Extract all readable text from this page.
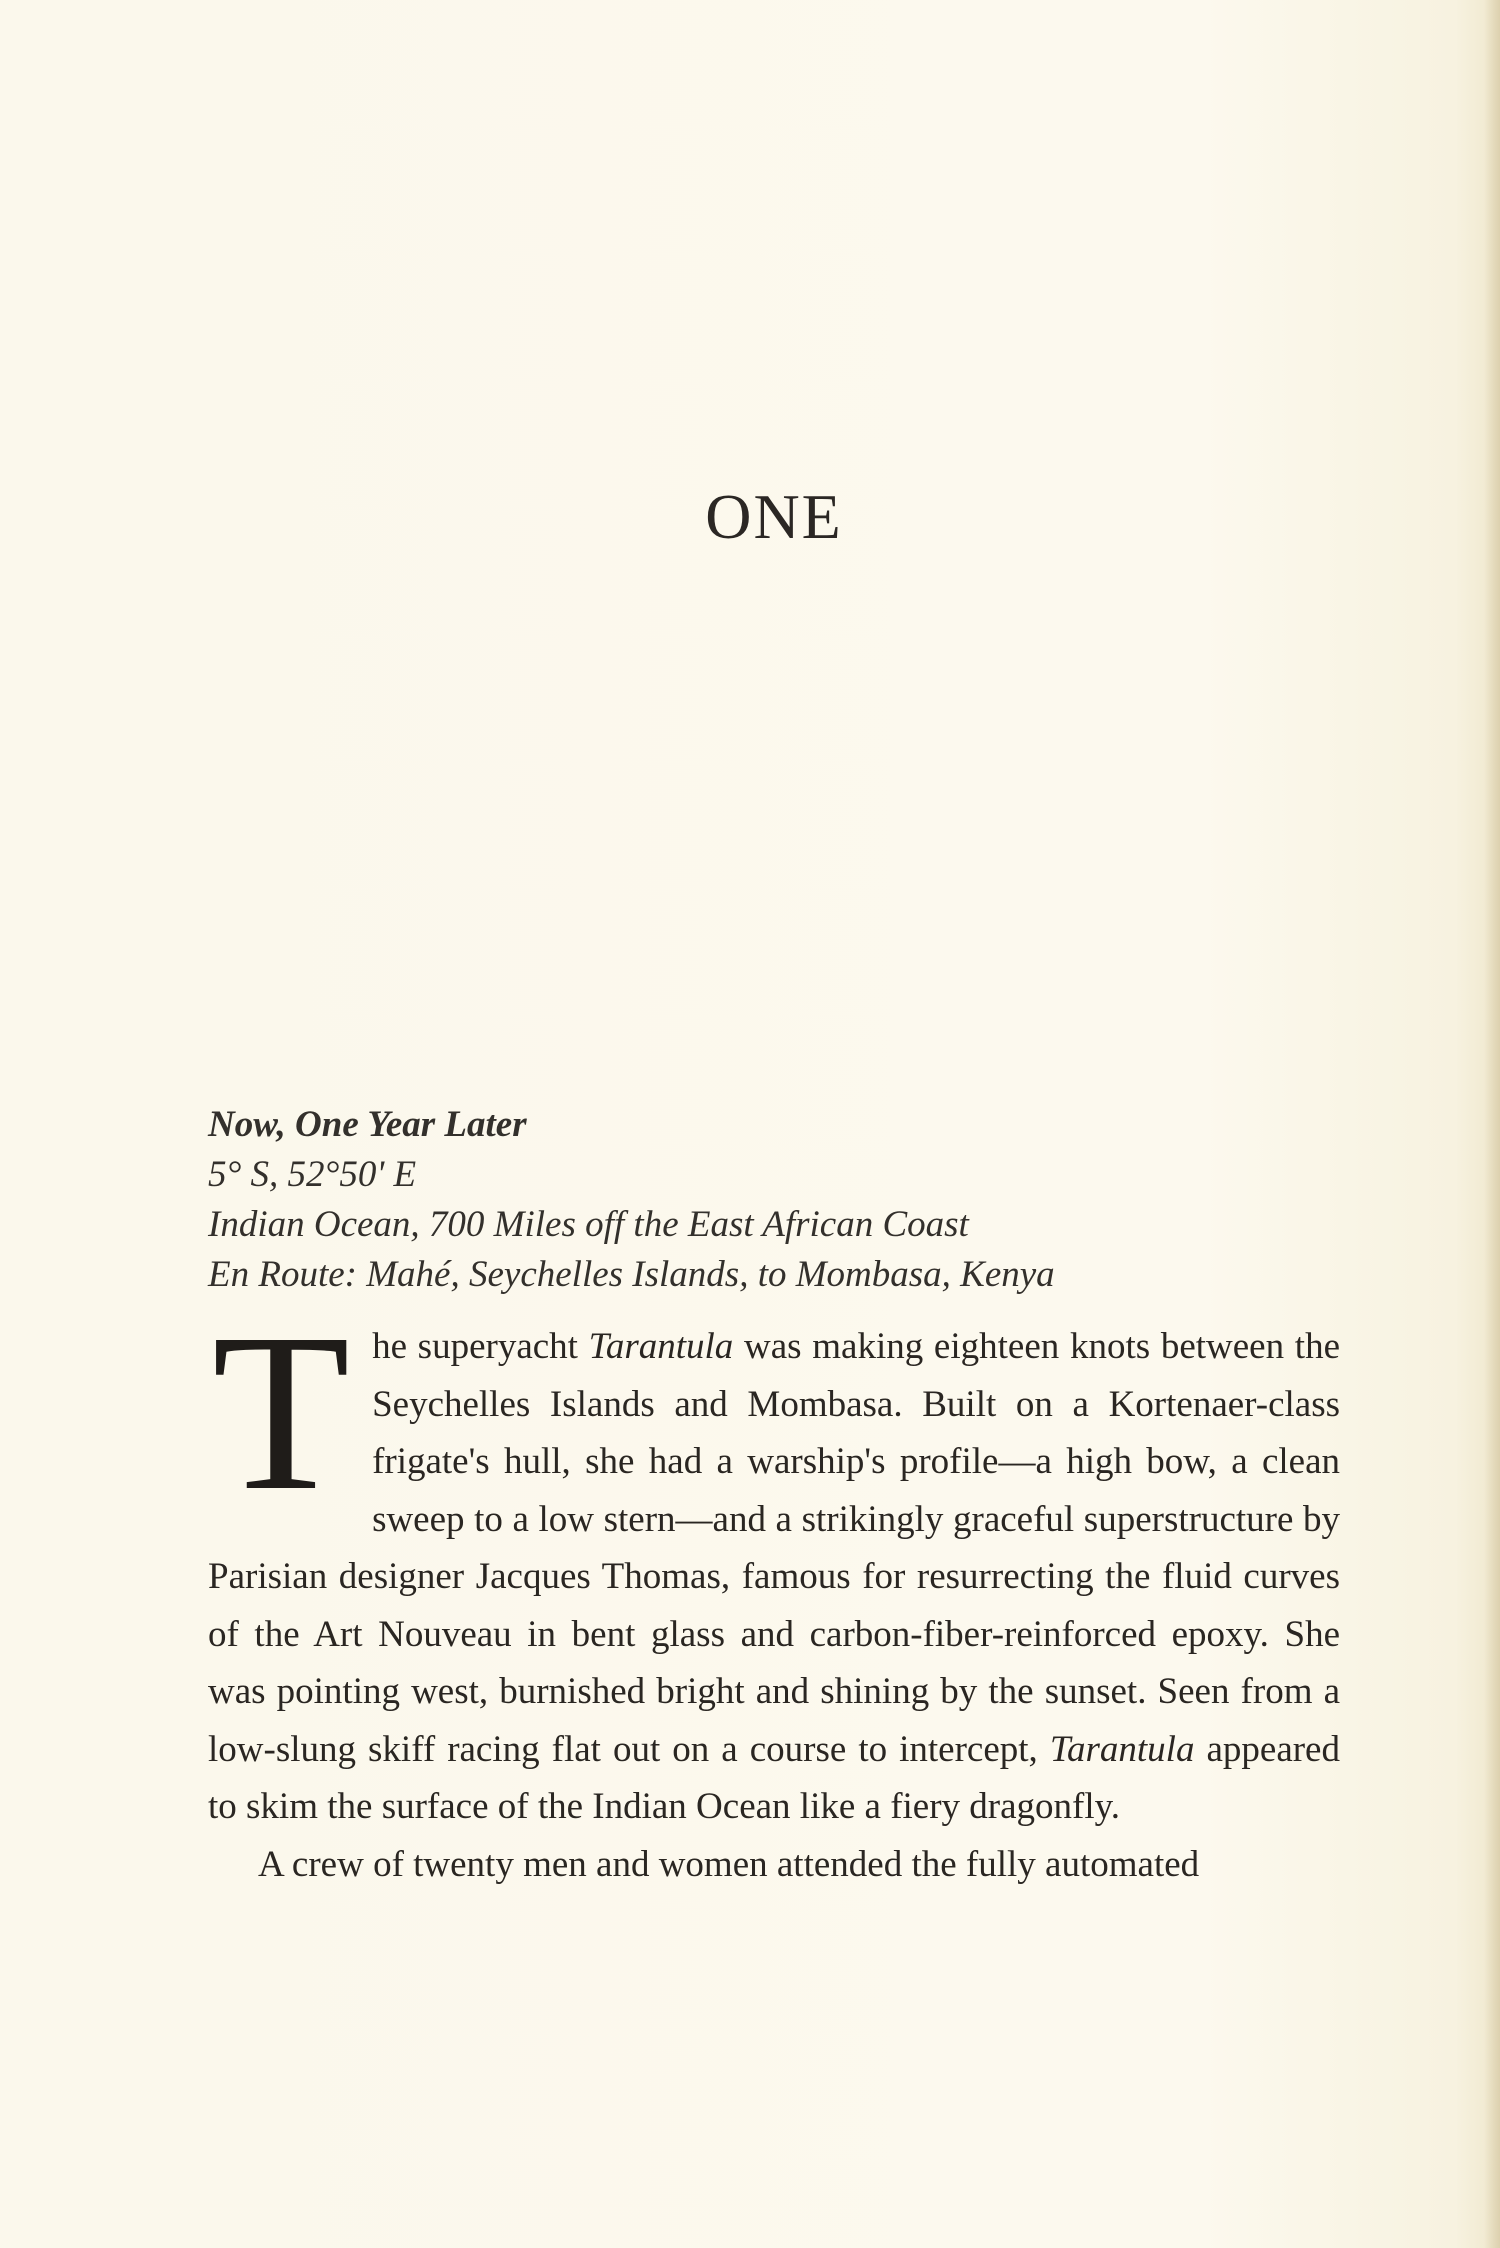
ONE
Now, One Year Later
5° S, 52°50' E
Indian Ocean, 700 Miles off the East African Coast
En Route: Mahé, Seychelles Islands, to Mombasa, Kenya

The superyacht Tarantula was making eighteen knots between the Seychelles Islands and Mombasa. Built on a Kortenaer-class frigate's hull, she had a warship's profile—a high bow, a clean sweep to a low stern—and a strikingly graceful superstructure by Parisian designer Jacques Thomas, famous for resurrecting the fluid curves of the Art Nouveau in bent glass and carbon-fiber-reinforced epoxy. She was pointing west, burnished bright and shining by the sunset. Seen from a low-slung skiff racing flat out on a course to intercept, Tarantula appeared to skim the surface of the Indian Ocean like a fiery dragonfly.

A crew of twenty men and women attended the fully automated
